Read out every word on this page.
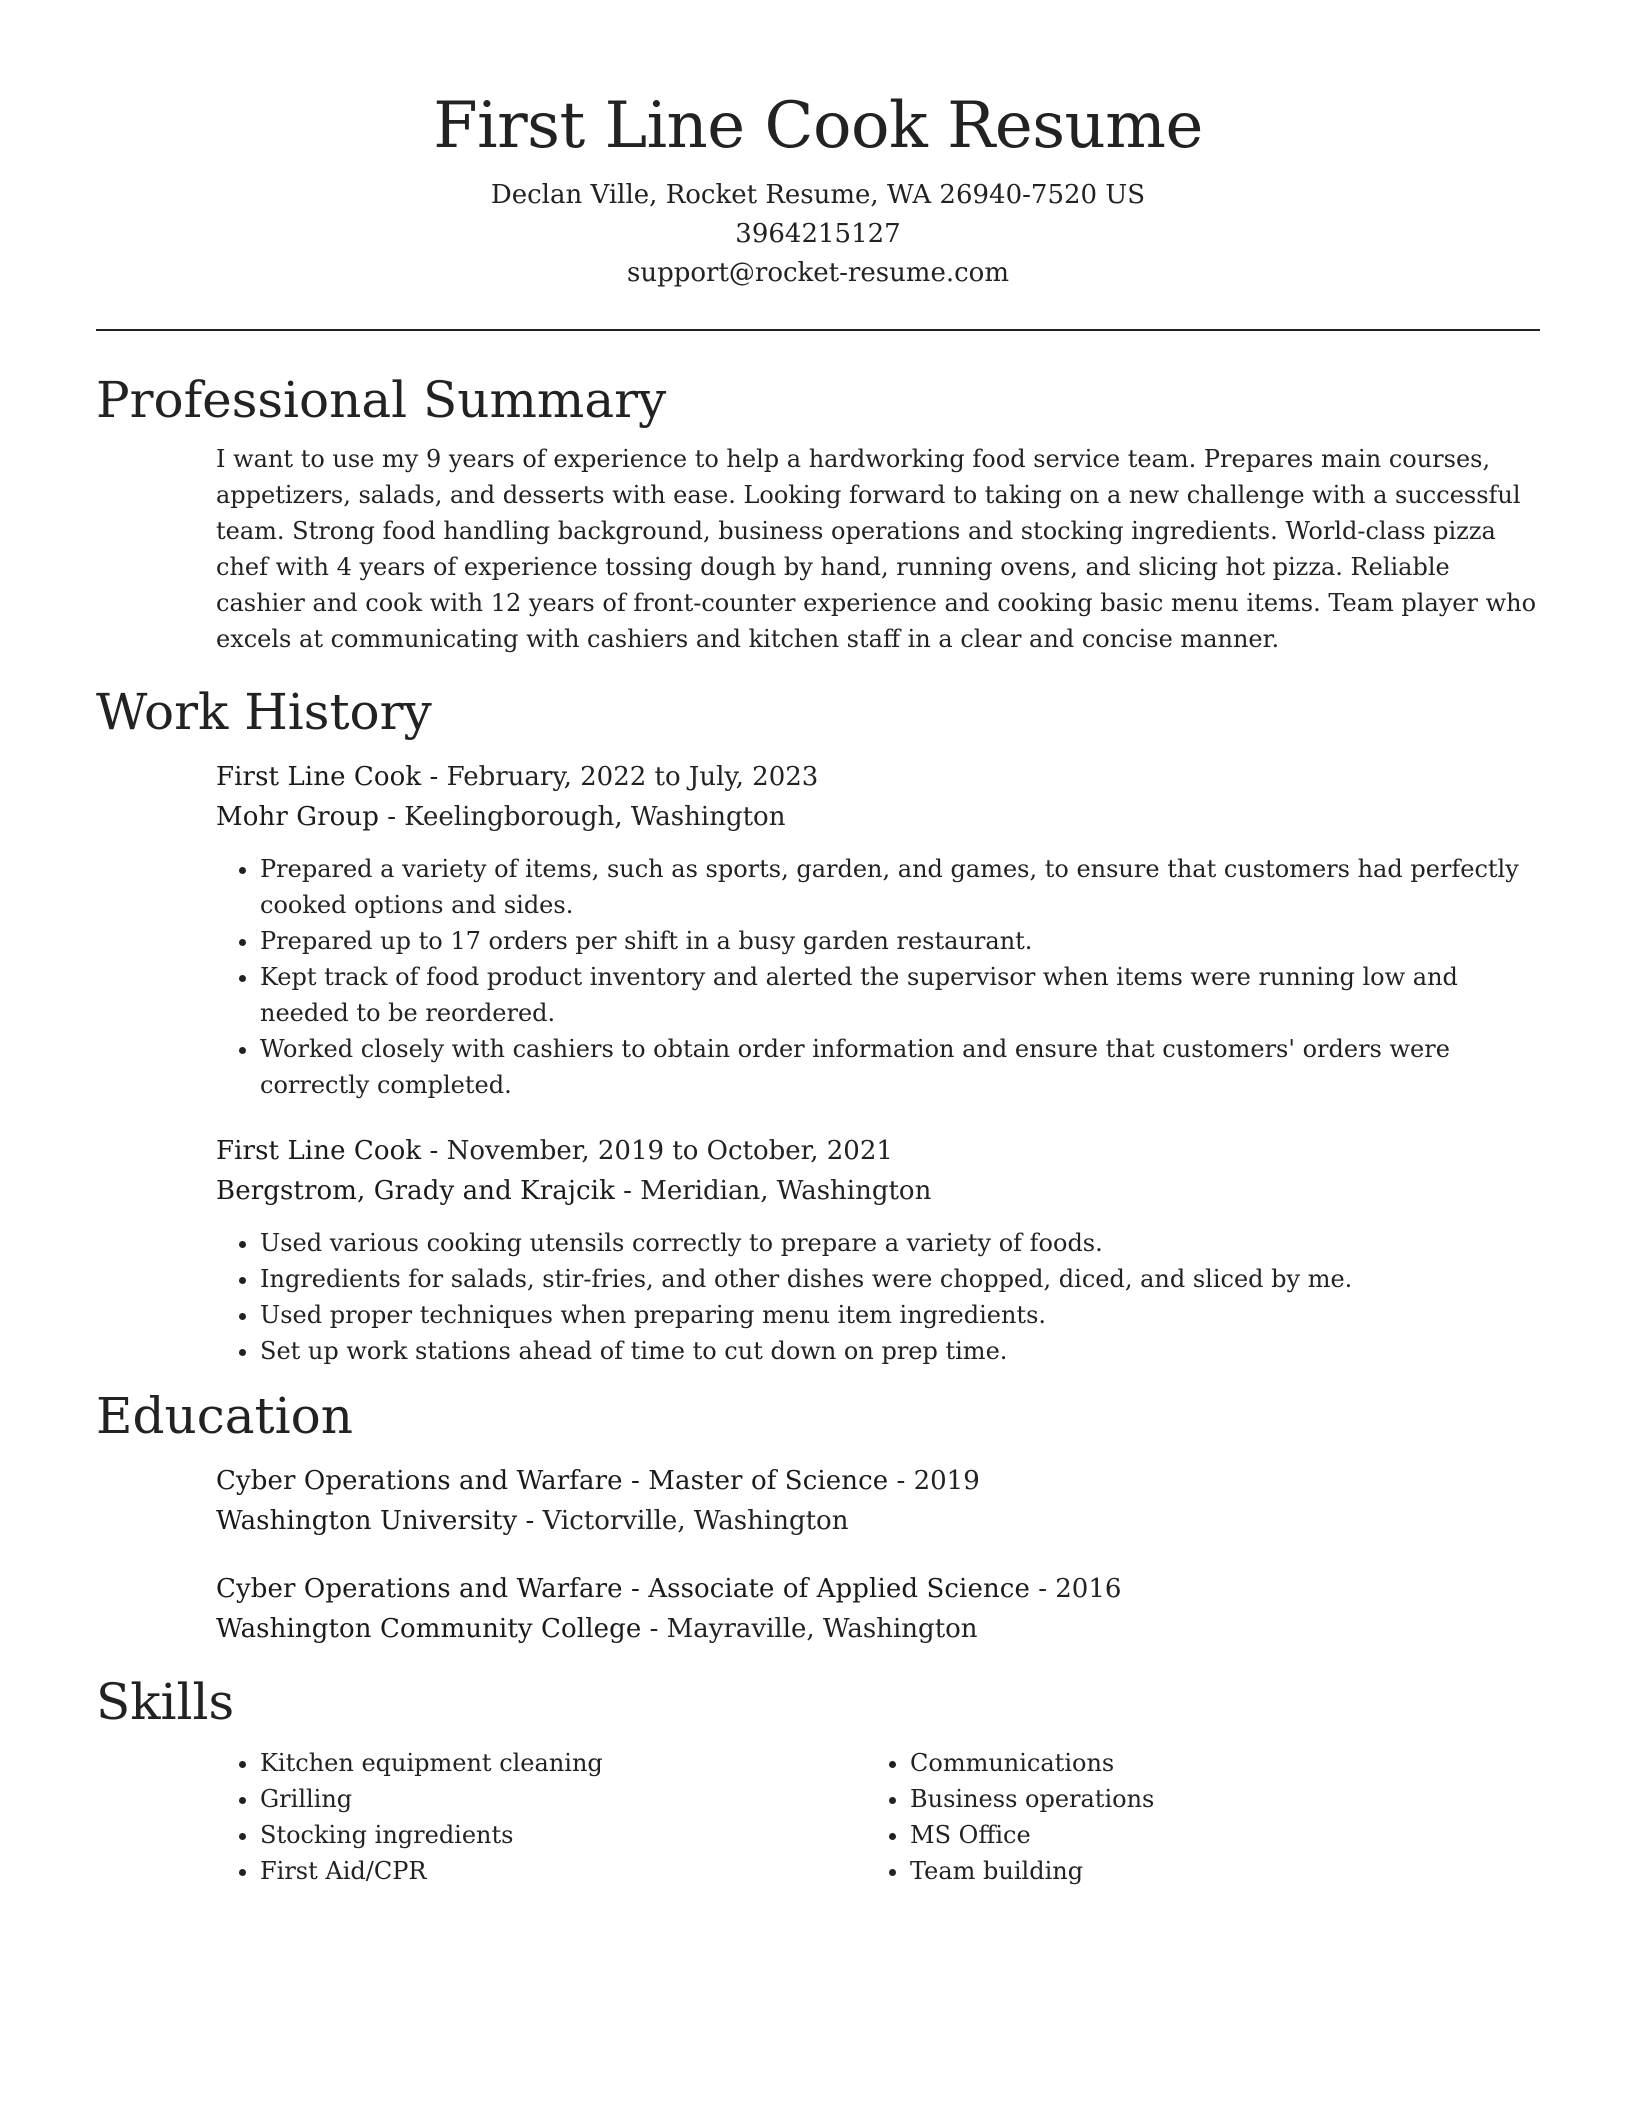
First Line Cook Resume

Declan Ville, Rocket Resume, WA 26940-7520 US

3964215127

support@rocket-resume.com

Professional Summary
I want to use my 9 years of experience to help a hardworking food service team. Prepares main courses, appetizers, salads, and desserts with ease. Looking forward to taking on a new challenge with a successful team. Strong food handling background, business operations and stocking ingredients. World-class pizza chef with 4 years of experience tossing dough by hand, running ovens, and slicing hot pizza. Reliable cashier and cook with 12 years of front-counter experience and cooking basic menu items. Team player who excels at communicating with cashiers and kitchen staff in a clear and concise manner.
Work History
First Line Cook - February, 2022 to July, 2023
Mohr Group - Keelingborough, Washington
• Prepared a variety of items, such as sports, garden, and games, to ensure that customers had perfectly cooked options and sides.
• Prepared up to 17 orders per shift in a busy garden restaurant.
• Kept track of food product inventory and alerted the supervisor when items were running low and needed to be reordered.
• Worked closely with cashiers to obtain order information and ensure that customers' orders were correctly completed.
First Line Cook - November, 2019 to October, 2021
Bergstrom, Grady and Krajcik - Meridian, Washington
• Used various cooking utensils correctly to prepare a variety of foods.
• Ingredients for salads, stir-fries, and other dishes were chopped, diced, and sliced by me.
• Used proper techniques when preparing menu item ingredients.
• Set up work stations ahead of time to cut down on prep time.
Education
Cyber Operations and Warfare - Master of Science - 2019
Washington University - Victorville, Washington
Cyber Operations and Warfare - Associate of Applied Science - 2016
Washington Community College - Mayraville, Washington
Skills
• Kitchen equipment cleaning
• Grilling
• Stocking ingredients
• First Aid/CPR
• Communications
• Business operations
• MS Office
• Team building
